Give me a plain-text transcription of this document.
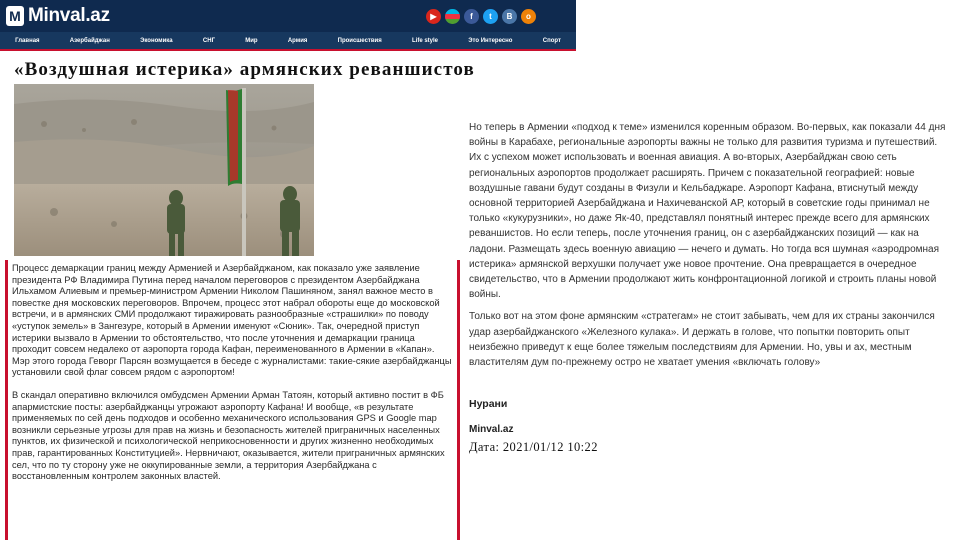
M Minval.az	▶	f	t	B	o
Главная	Азербайджан	Экономика	СНГ	Мир	Армия	Происшествия	Life style	Это Интересно	Спорт
«Воздушная истерика» армянских реваншистов

Процесс демаркации границ между Арменией и Азербайджаном, как показало уже заявление президента РФ Владимира Путина перед началом переговоров с президентом Азербайджана Ильхамом Алиевым и премьер-министром Армении Николом Пашиняном, занял важное место в повестке дня московских переговоров. Впрочем, процесс этот набрал обороты еще до московской встречи, и в армянских СМИ продолжают тиражировать разнообразные «страшилки» по поводу «уступок земель» в Зангезуре, который в Армении именуют «Сюник». Так, очередной приступ истерики вызвало в Армении то обстоятельство, что после уточнения и демаркации граница проходит совсем недалеко от аэропорта города Кафан, переименованного в Армении в «Капан». Мэр этого города Геворг Парсян возмущается в беседе с журналистами: такие-сякие азербайджанцы установили свой флаг совсем рядом с аэропортом!

В скандал оперативно включился омбудсмен Армении Арман Татоян, который активно постит в ФБ апармистские посты: азербайджанцы угрожают аэропорту Кафана! И вообще, «в результате применяемых по сей день подходов и особенно механического использования GPS и Google map возникли серьезные угрозы для прав на жизнь и безопасность жителей приграничных населенных пунктов, их физической и психологической неприкосновенности и других жизненно необходимых прав, гарантированных Конституцией». Нервничают, оказывается, жители приграничных армянских сел, что по ту сторону уже не оккупированные земли, а территория Азербайджана с восстановленным контролем законных властей.

Но теперь в Армении «подход к теме» изменился коренным образом. Во-первых, как показали 44 дня войны в Карабахе, региональные аэропорты важны не только для развития туризма и путешествий. Их с успехом может использовать и военная авиация. А во-вторых, Азербайджан свою сеть региональных аэропортов продолжает расширять. Причем с показательной географией: новые воздушные гавани будут созданы в Физули и Кельбаджаре. Аэропорт Кафана, втиснутый между основной территорией Азербайджана и Нахичеванской АР, который в советские годы принимал не только «кукурузники», но даже Як-40, представлял понятный интерес прежде всего для армянских реваншистов. Но если теперь, после уточнения границ, он с азербайджанских позиций — как на ладони. Размещать здесь военную авиацию — нечего и думать. Но тогда вся шумная «аэродромная истерика» армянской верхушки получает уже новое прочтение. Она превращается в очередное свидетельство, что в Армении продолжают жить конфронтационной логикой и строить планы новой войны.

Только вот на этом фоне армянским «стратегам» не стоит забывать, чем для их страны закончился удар азербайджанского «Железного кулака». И держать в голове, что попытки повторить опыт неизбежно приведут к еще более тяжелым последствиям для Армении. Но, увы и ах, местным властителям дум по-прежнему остро не хватает умения «включать голову»

Нурани
Minval.az
Дата: 2021/01/12 10:22
